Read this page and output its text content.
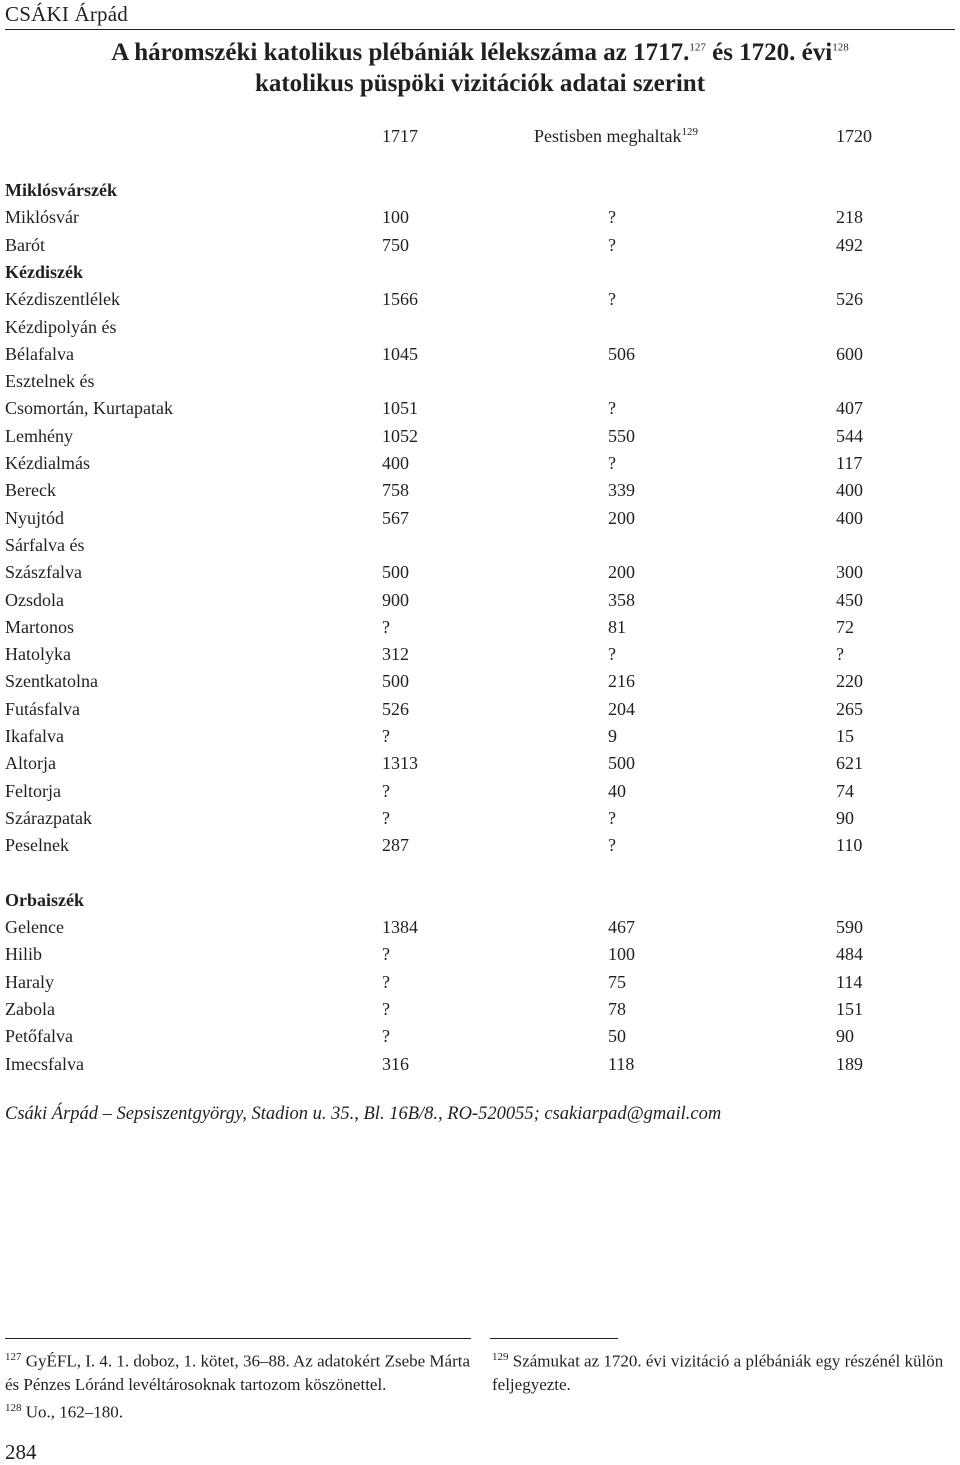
CSÁKI Árpád
A háromszéki katolikus plébániák lélekszáma az 1717.$^{127}$ és 1720. évi$^{128}$
katolikus püspöki vizitációk adatai szerint
1717	Pestisben meghaltak$^{129}$	1720
Miklósvárszék
Miklósvár	100	?	218
Barót	750	?	492
Kézdiszék
Kézdiszentlélek	1566	?	526
Kézdipolyán és
Bélafalva	1045	506	600
Esztelnek és
Csomortán, Kurtapatak	1051	?	407
Lemhény	1052	550	544
Kézdialmás	400	?	117
Bereck	758	339	400
Nyujtód	567	200	400
Sárfalva és
Szászfalva	500	200	300
Ozsdola	900	358	450
Martonos	?	81	72
Hatolyka	312	?	?
Szentkatolna	500	216	220
Futásfalva	526	204	265
Ikafalva	?	9	15
Altorja	1313	500	621
Feltorja	?	40	74
Szárazpatak	?	?	90
Peselnek	287	?	110
Orbaiszék
Gelence	1384	467	590
Hilib	?	100	484
Haraly	?	75	114
Zabola	?	78	151
Petőfalva	?	50	90
Imecsfalva	316	118	189
Csáki Árpád – Sepsiszentgyörgy, Stadion u. 35., Bl. 16B/8., RO-520055; csakiarpad@gmail.com
$^{127}$ GyÉFL, I. 4. 1. doboz, 1. kötet, 36–88. Az adatokért Zsebe Márta és Pénzes Lóránd levéltárosoknak tartozom köszönettel.
$^{128}$ Uo., 162–180.
$^{129}$ Számukat az 1720. évi vizitáció a plébániák egy részénél külön feljegyezte.
284
